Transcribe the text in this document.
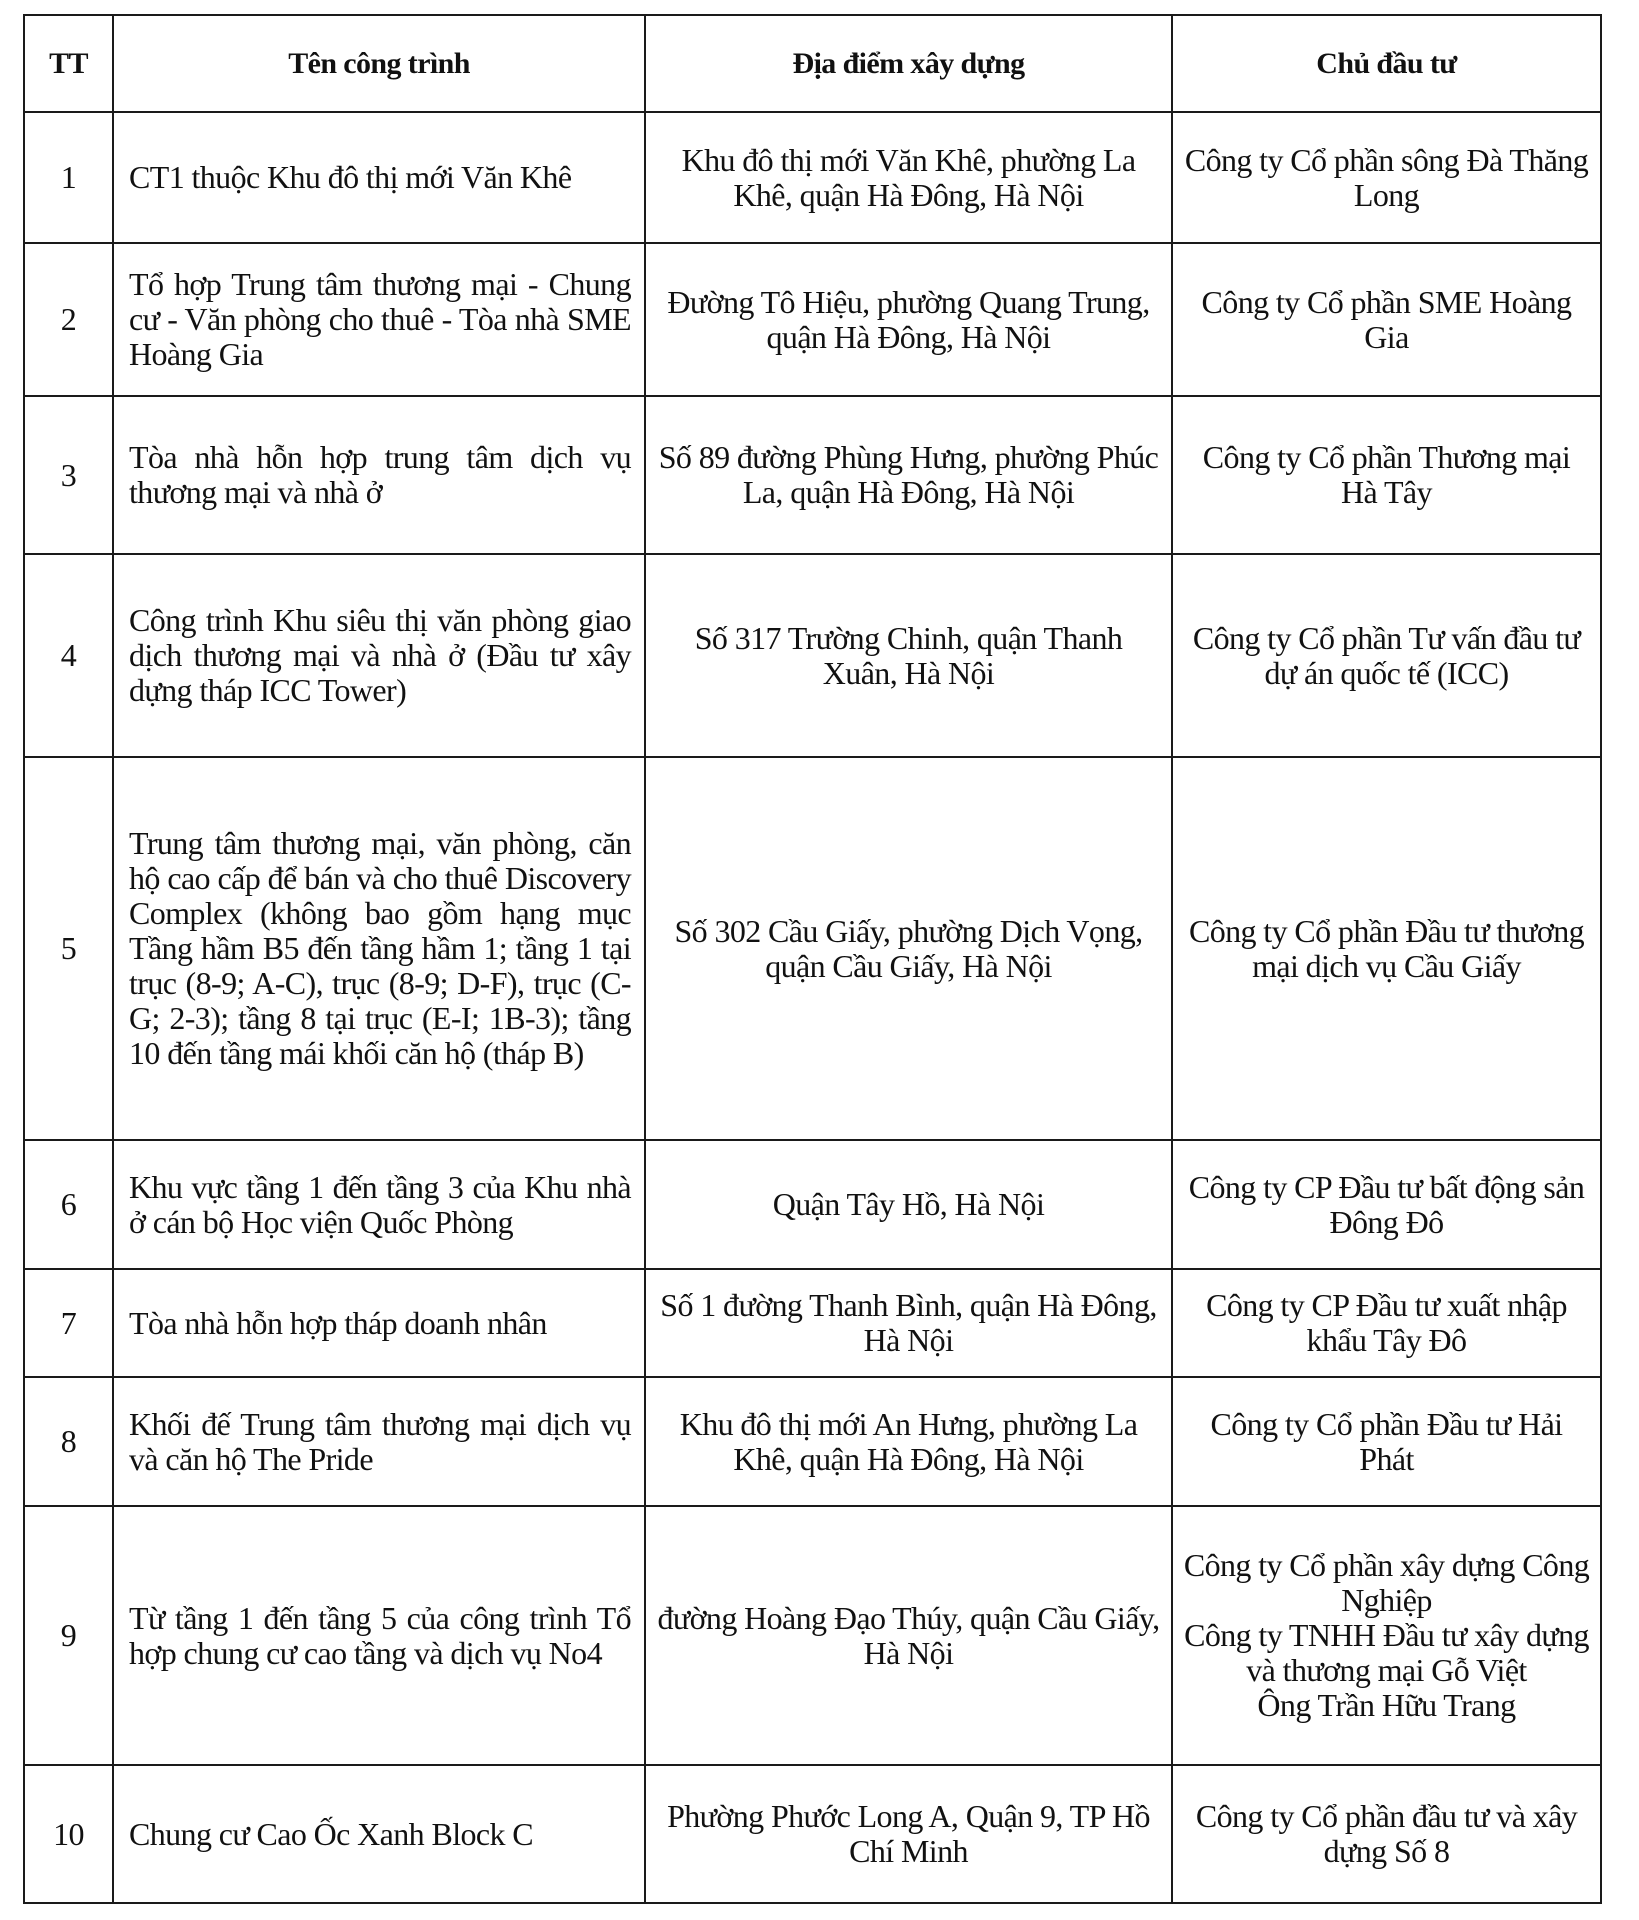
TT	Tên công trình	Địa điểm xây dựng	Chủ đầu tư
1	CT1 thuộc Khu đô thị mới Văn Khê	Khu đô thị mới Văn Khê, phường La Khê, quận Hà Đông, Hà Nội	Công ty Cổ phần sông Đà Thăng Long
2	Tổ hợp Trung tâm thương mại - Chung cư - Văn phòng cho thuê - Tòa nhà SME Hoàng Gia	Đường Tô Hiệu, phường Quang Trung, quận Hà Đông, Hà Nội	Công ty Cổ phần SME Hoàng Gia
3	Tòa nhà hỗn hợp trung tâm dịch vụ thương mại và nhà ở	Số 89 đường Phùng Hưng, phường Phúc La, quận Hà Đông, Hà Nội	Công ty Cổ phần Thương mại Hà Tây
4	Công trình Khu siêu thị văn phòng giao dịch thương mại và nhà ở (Đầu tư xây dựng tháp ICC Tower)	Số 317 Trường Chinh, quận Thanh Xuân, Hà Nội	Công ty Cổ phần Tư vấn đầu tư dự án quốc tế (ICC)
5	Trung tâm thương mại, văn phòng, căn hộ cao cấp để bán và cho thuê Discovery Complex (không bao gồm hạng mục Tầng hầm B5 đến tầng hầm 1; tầng 1 tại trục (8-9; A-C), trục (8-9; D-F), trục (C-G; 2-3); tầng 8 tại trục (E-I; 1B-3); tầng 10 đến tầng mái khối căn hộ (tháp B)	Số 302 Cầu Giấy, phường Dịch Vọng, quận Cầu Giấy, Hà Nội	Công ty Cổ phần Đầu tư thương mại dịch vụ Cầu Giấy
6	Khu vực tầng 1 đến tầng 3 của Khu nhà ở cán bộ Học viện Quốc Phòng	Quận Tây Hồ, Hà Nội	Công ty CP Đầu tư bất động sản Đông Đô
7	Tòa nhà hỗn hợp tháp doanh nhân	Số 1 đường Thanh Bình, quận Hà Đông, Hà Nội	Công ty CP Đầu tư xuất nhập khẩu Tây Đô
8	Khối đế Trung tâm thương mại dịch vụ và căn hộ The Pride	Khu đô thị mới An Hưng, phường La Khê, quận Hà Đông, Hà Nội	Công ty Cổ phần Đầu tư Hải Phát
9	Từ tầng 1 đến tầng 5 của công trình Tổ hợp chung cư cao tầng và dịch vụ No4	đường Hoàng Đạo Thúy, quận Cầu Giấy, Hà Nội	Công ty Cổ phần xây dựng Công Nghiệp
Công ty TNHH Đầu tư xây dựng và thương mại Gỗ Việt
Ông Trần Hữu Trang

10	Chung cư Cao Ốc Xanh Block C	Phường Phước Long A, Quận 9, TP Hồ Chí Minh	Công ty Cổ phần đầu tư và xây dựng Số 8
